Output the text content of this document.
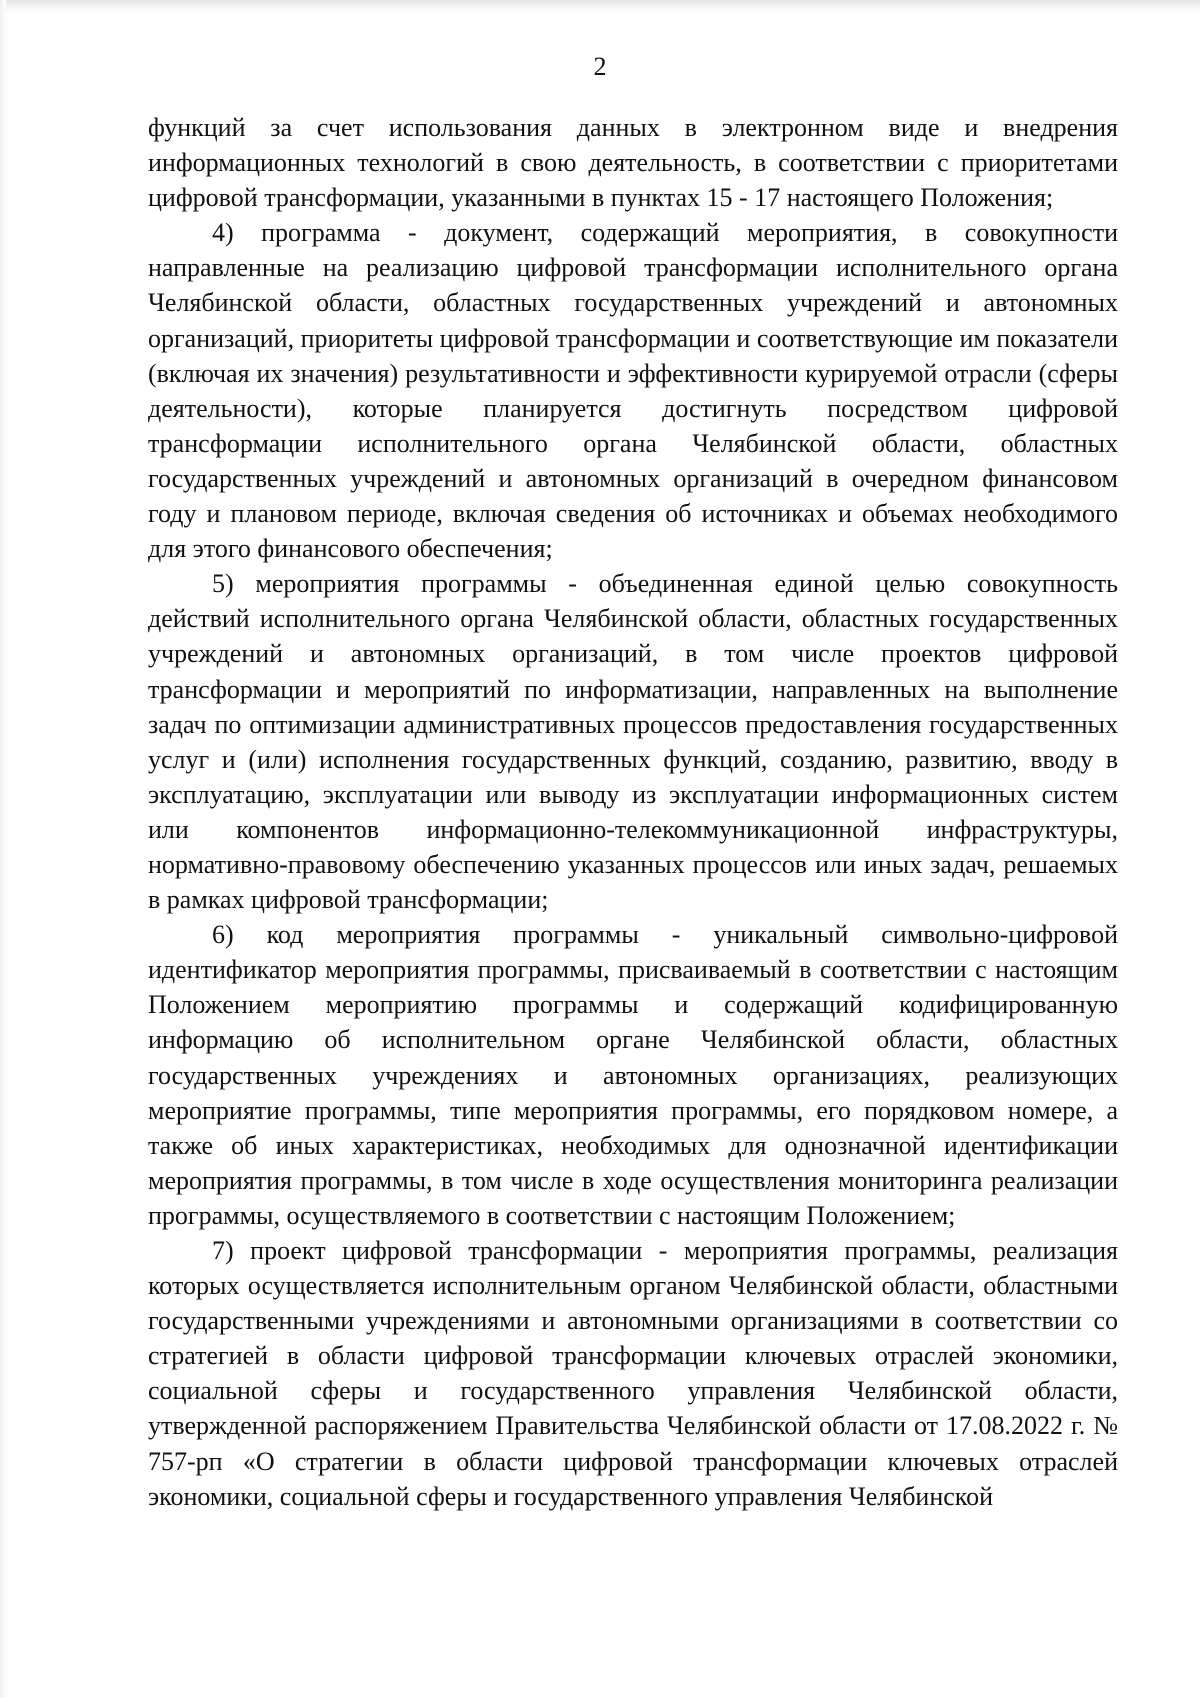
2

функций за счет использования данных в электронном виде и внедрения информационных технологий в свою деятельность, в соответствии с приоритетами цифровой трансформации, указанными в пунктах 15 - 17 настоящего Положения;

4) программа - документ, содержащий мероприятия, в совокупности направленные на реализацию цифровой трансформации исполнительного органа Челябинской области, областных государственных учреждений и автономных организаций, приоритеты цифровой трансформации и соответствующие им показатели (включая их значения) результативности и эффективности курируемой отрасли (сферы деятельности), которые планируется достигнуть посредством цифровой трансформации исполнительного органа Челябинской области, областных государственных учреждений и автономных организаций в очередном финансовом году и плановом периоде, включая сведения об источниках и объемах необходимого для этого финансового обеспечения;

5) мероприятия программы - объединенная единой целью совокупность действий исполнительного органа Челябинской области, областных государственных учреждений и автономных организаций, в том числе проектов цифровой трансформации и мероприятий по информатизации, направленных на выполнение задач по оптимизации административных процессов предоставления государственных услуг и (или) исполнения государственных функций, созданию, развитию, вводу в эксплуатацию, эксплуатации или выводу из эксплуатации информационных систем или компонентов информационно-телекоммуникационной инфраструктуры, нормативно-правовому обеспечению указанных процессов или иных задач, решаемых в рамках цифровой трансформации;

6) код мероприятия программы - уникальный символьно-цифровой идентификатор мероприятия программы, присваиваемый в соответствии с настоящим Положением мероприятию программы и содержащий кодифицированную информацию об исполнительном органе Челябинской области, областных государственных учреждениях и автономных организациях, реализующих мероприятие программы, типе мероприятия программы, его порядковом номере, а также об иных характеристиках, необходимых для однозначной идентификации мероприятия программы, в том числе в ходе осуществления мониторинга реализации программы, осуществляемого в соответствии с настоящим Положением;

7) проект цифровой трансформации - мероприятия программы, реализация которых осуществляется исполнительным органом Челябинской области, областными государственными учреждениями и автономными организациями в соответствии со стратегией в области цифровой трансформации ключевых отраслей экономики, социальной сферы и государственного управления Челябинской области, утвержденной распоряжением Правительства Челябинской области от 17.08.2022 г. № 757-рп «О стратегии в области цифровой трансформации ключевых отраслей экономики, социальной сферы и государственного управления Челябинской
